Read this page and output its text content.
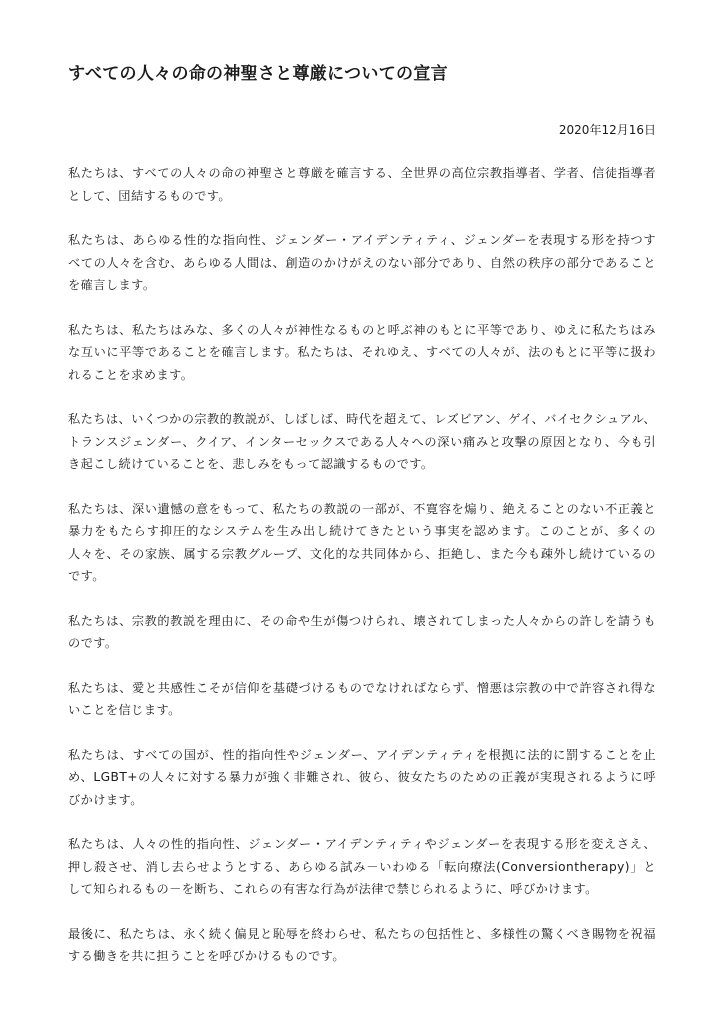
すべての人々の命の神聖さと尊厳についての宣言
2020年12月16日

私たちは、すべての人々の命の神聖さと尊厳を確言する、全世界の高位宗教指導者、学者、信徒指導者として、団結するものです。

私たちは、あらゆる性的な指向性、ジェンダー・アイデンティティ、ジェンダーを表現する形を持つすべての人々を含む、あらゆる人間は、創造のかけがえのない部分であり、自然の秩序の部分であることを確言します。

私たちは、私たちはみな、多くの人々が神性なるものと呼ぶ神のもとに平等であり、ゆえに私たちはみな互いに平等であることを確言します。私たちは、それゆえ、すべての人々が、法のもとに平等に扱われることを求めます。

私たちは、いくつかの宗教的教説が、しばしば、時代を超えて、レズビアン、ゲイ、バイセクシュアル、トランスジェンダー、クイア、インターセックスである人々への深い痛みと攻撃の原因となり、今も引き起こし続けていることを、悲しみをもって認識するものです。

私たちは、深い遺憾の意をもって、私たちの教説の一部が、不寛容を煽り、絶えることのない不正義と暴力をもたらす抑圧的なシステムを生み出し続けてきたという事実を認めます。このことが、多くの人々を、その家族、属する宗教グループ、文化的な共同体から、拒絶し、また今も疎外し続けているのです。

私たちは、宗教的教説を理由に、その命や生が傷つけられ、壊されてしまった人々からの許しを請うものです。

私たちは、愛と共感性こそが信仰を基礎づけるものでなければならず、憎悪は宗教の中で許容され得ないことを信じます。

私たちは、すべての国が、性的指向性やジェンダー、アイデンティティを根拠に法的に罰することを止め、LGBT+の人々に対する暴力が強く非難され、彼ら、彼女たちのための正義が実現されるように呼びかけます。

私たちは、人々の性的指向性、ジェンダー・アイデンティティやジェンダーを表現する形を変えさえ、押し殺させ、消し去らせようとする、あらゆる試み－いわゆる「転向療法(Conversiontherapy)」として知られるもの－を断ち、これらの有害な行為が法律で禁じられるように、呼びかけます。

最後に、私たちは、永く続く偏見と恥辱を終わらせ、私たちの包括性と、多様性の驚くべき賜物を祝福する働きを共に担うことを呼びかけるものです。
